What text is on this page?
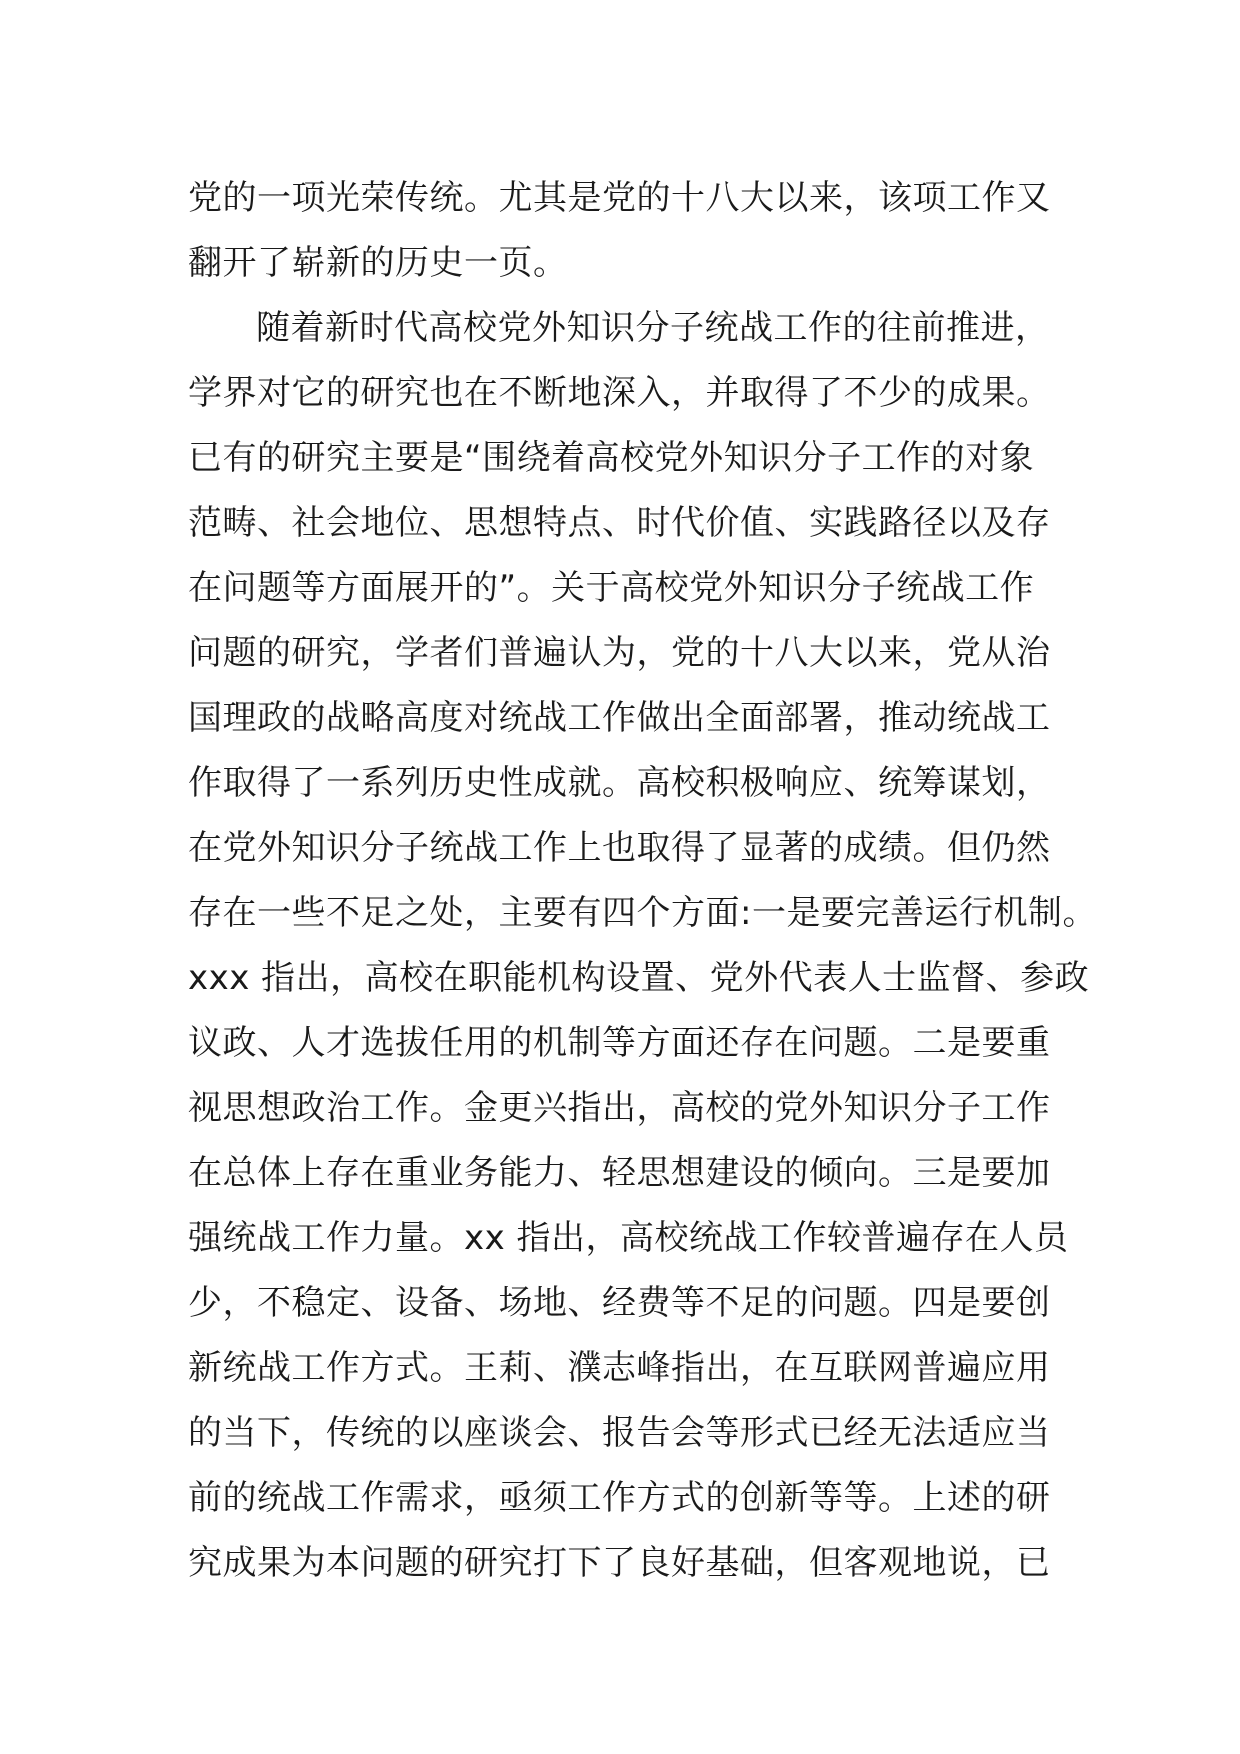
党的一项光荣传统。尤其是党的十八大以来，该项工作又
翻开了崭新的历史一页。
随着新时代高校党外知识分子统战工作的往前推进，
学界对它的研究也在不断地深入，并取得了不少的成果。
已有的研究主要是“围绕着高校党外知识分子工作的对象
范畴、社会地位、思想特点、时代价值、实践路径以及存
在问题等方面展开的”。关于高校党外知识分子统战工作
问题的研究，学者们普遍认为，党的十八大以来，党从治
国理政的战略高度对统战工作做出全面部署，推动统战工
作取得了一系列历史性成就。高校积极响应、统筹谋划，
在党外知识分子统战工作上也取得了显著的成绩。但仍然
存在一些不足之处，主要有四个方面:一是要完善运行机制。
xxx 指出，高校在职能机构设置、党外代表人士监督、参政
议政、人才选拔任用的机制等方面还存在问题。二是要重
视思想政治工作。金更兴指出，高校的党外知识分子工作
在总体上存在重业务能力、轻思想建设的倾向。三是要加
强统战工作力量。xx 指出，高校统战工作较普遍存在人员
少，不稳定、设备、场地、经费等不足的问题。四是要创
新统战工作方式。王莉、濮志峰指出，在互联网普遍应用
的当下，传统的以座谈会、报告会等形式已经无法适应当
前的统战工作需求，亟须工作方式的创新等等。上述的研
究成果为本问题的研究打下了良好基础，但客观地说，已
